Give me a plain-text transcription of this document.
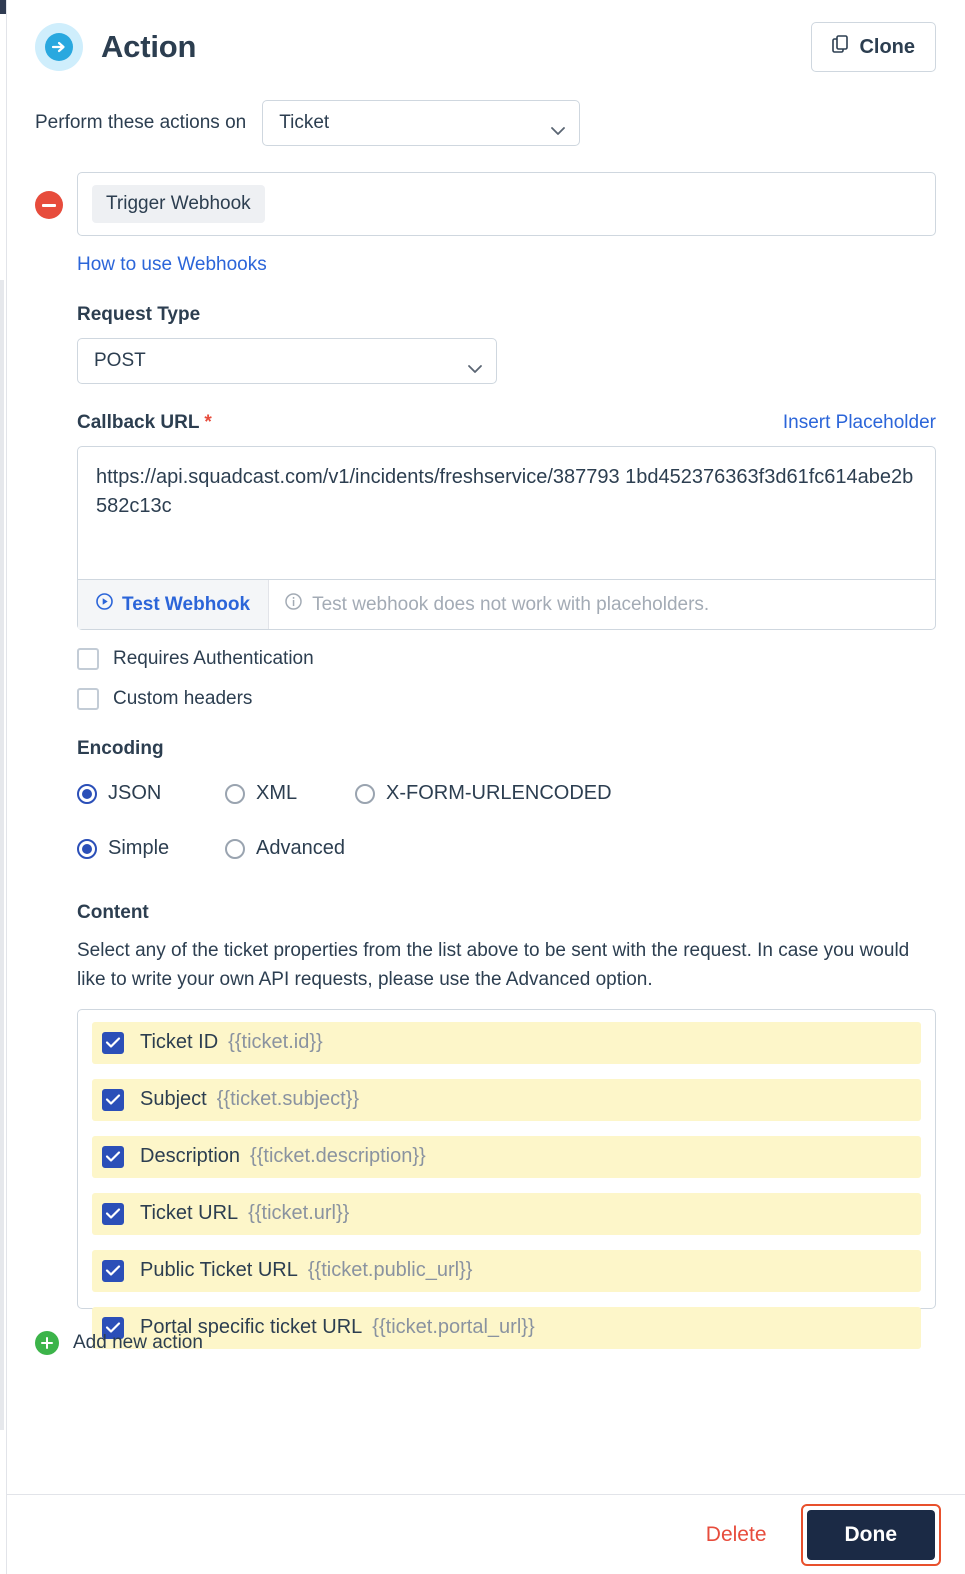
Action	Clone
Perform these actions on Ticket
Trigger Webhook
How to use Webhooks
Request Type
POST
Callback URL *	Insert Placeholder
https://api.squadcast.com/v1/incidents/freshservice/387793 1bd452376363f3d61fc614abe2b582c13c
Test Webhook	Test webhook does not work with placeholders.
Requires Authentication
Custom headers
Encoding
JSON	XML	X-FORM-URLENCODED
Simple	Advanced
Content
Select any of the ticket properties from the list above to be sent with the request. In case you would like to write your own API requests, please use the Advanced option.
Ticket ID {{ticket.id}}
Subject {{ticket.subject}}
Description {{ticket.description}}
Ticket URL {{ticket.url}}
Public Ticket URL {{ticket.public_url}}
Portal specific ticket URL {{ticket.portal_url}}
Add new action
Delete	Done
